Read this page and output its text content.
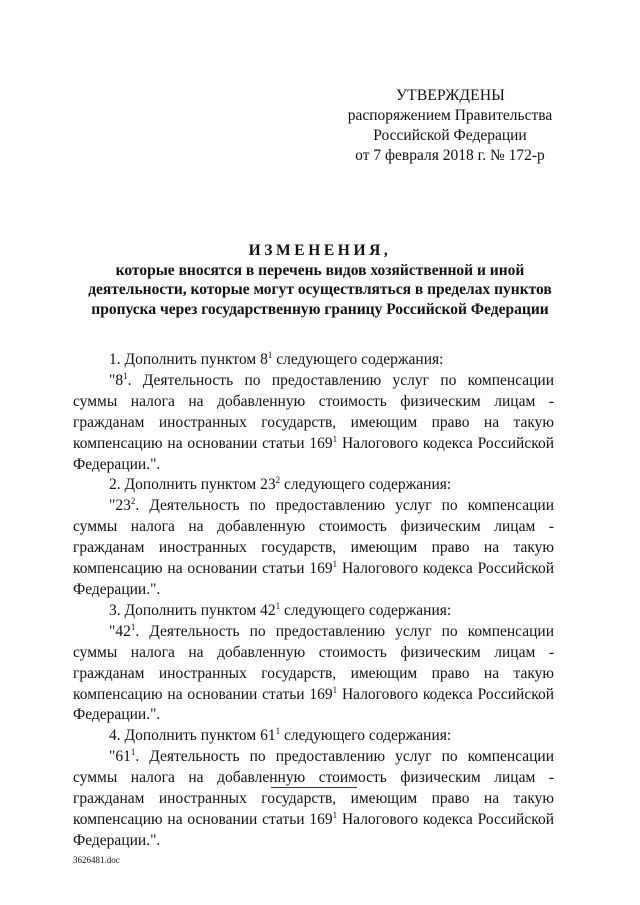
УТВЕРЖДЕНЫ
распоряжением Правительства
Российской Федерации
от 7 февраля 2018 г. № 172-р
ИЗМЕНЕНИЯ,
которые вносятся в перечень видов хозяйственной и иной
деятельности, которые могут осуществляться в пределах пунктов
пропуска через государственную границу Российской Федерации

1. Дополнить пунктом $8^1$ следующего содержания:

"$8^1$. Деятельность по предоставлению услуг по компенсации суммы налога на добавленную стоимость физическим лицам - гражданам иностранных государств, имеющим право на такую компенсацию на основании статьи $169^1$ Налогового кодекса Российской Федерации.".

2. Дополнить пунктом $23^2$ следующего содержания:

"$23^2$. Деятельность по предоставлению услуг по компенсации суммы налога на добавленную стоимость физическим лицам - гражданам иностранных государств, имеющим право на такую компенсацию на основании статьи $169^1$ Налогового кодекса Российской Федерации.".

3. Дополнить пунктом $42^1$ следующего содержания:

"$42^1$. Деятельность по предоставлению услуг по компенсации суммы налога на добавленную стоимость физическим лицам - гражданам иностранных государств, имеющим право на такую компенсацию на основании статьи $169^1$ Налогового кодекса Российской Федерации.".

4. Дополнить пунктом $61^1$ следующего содержания:

"$61^1$. Деятельность по предоставлению услуг по компенсации суммы налога на добавленную стоимость физическим лицам - гражданам иностранных государств, имеющим право на такую компенсацию на основании статьи $169^1$ Налогового кодекса Российской Федерации.".

3626481.doc
